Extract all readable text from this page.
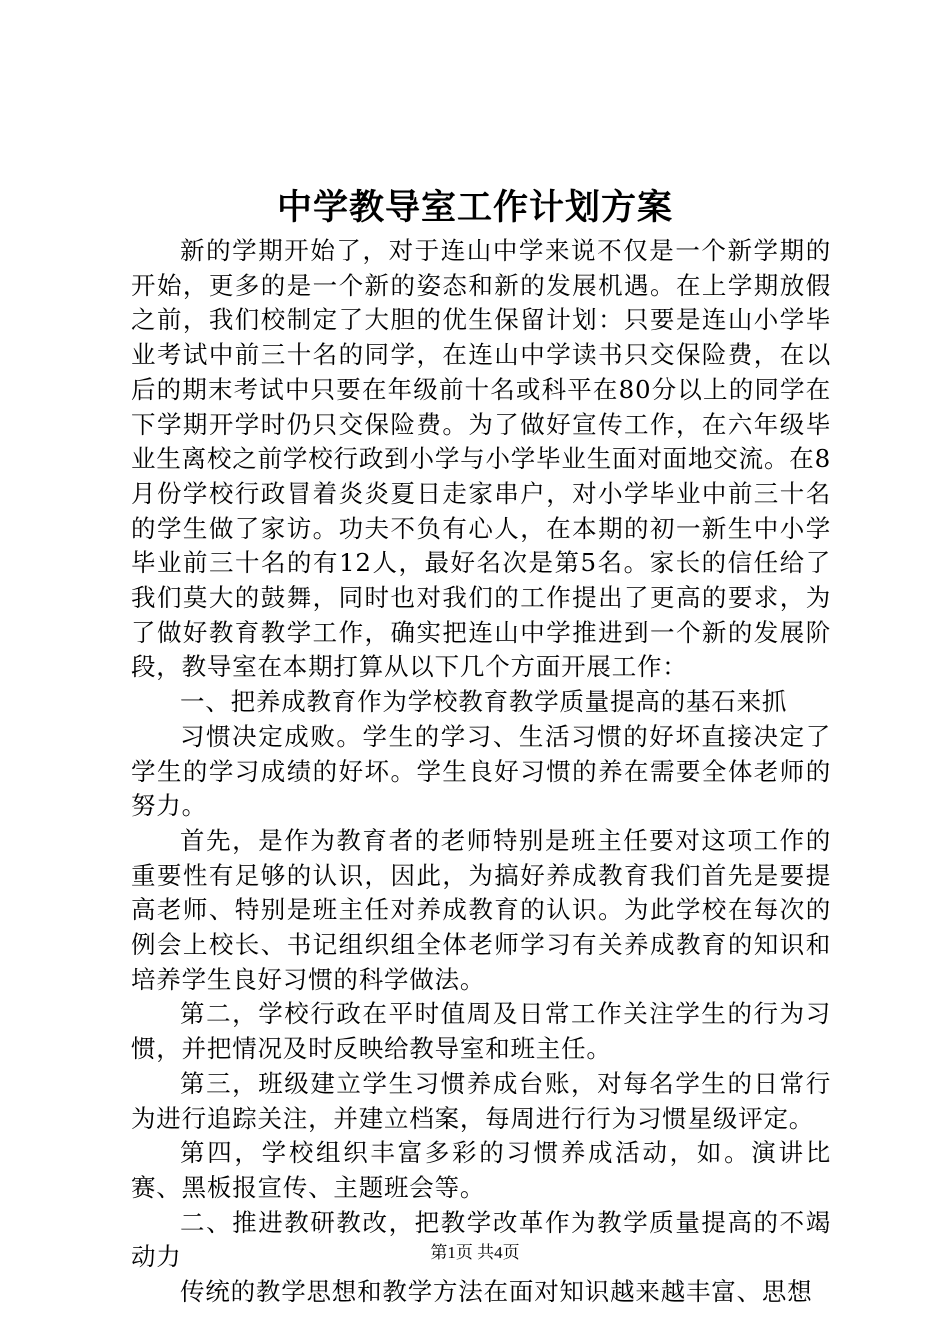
中学教导室工作计划方案

新的学期开始了，对于连山中学来说不仅是一个新学期的开始，更多的是一个新的姿态和新的发展机遇。在上学期放假之前，我们校制定了大胆的优生保留计划：只要是连山小学毕业考试中前三十名的同学，在连山中学读书只交保险费，在以后的期末考试中只要在年级前十名或科平在80分以上的同学在下学期开学时仍只交保险费。为了做好宣传工作，在六年级毕业生离校之前学校行政到小学与小学毕业生面对面地交流。在8月份学校行政冒着炎炎夏日走家串户，对小学毕业中前三十名的学生做了家访。功夫不负有心人，在本期的初一新生中小学毕业前三十名的有12人，最好名次是第5名。家长的信任给了我们莫大的鼓舞，同时也对我们的工作提出了更高的要求，为了做好教育教学工作，确实把连山中学推进到一个新的发展阶段，教导室在本期打算从以下几个方面开展工作：

一、把养成教育作为学校教育教学质量提高的基石来抓

习惯决定成败。学生的学习、生活习惯的好坏直接决定了学生的学习成绩的好坏。学生良好习惯的养在需要全体老师的努力。

首先，是作为教育者的老师特别是班主任要对这项工作的重要性有足够的认识，因此，为搞好养成教育我们首先是要提高老师、特别是班主任对养成教育的认识。为此学校在每次的例会上校长、书记组织组全体老师学习有关养成教育的知识和培养学生良好习惯的科学做法。

第二，学校行政在平时值周及日常工作关注学生的行为习惯，并把情况及时反映给教导室和班主任。

第三，班级建立学生习惯养成台账，对每名学生的日常行为进行追踪关注，并建立档案，每周进行行为习惯星级评定。

第四，学校组织丰富多彩的习惯养成活动，如。演讲比赛、黑板报宣传、主题班会等。

二、推进教研教改，把教学改革作为教学质量提高的不竭动力

传统的教学思想和教学方法在面对知识越来越丰富、思想

第1页 共4页
